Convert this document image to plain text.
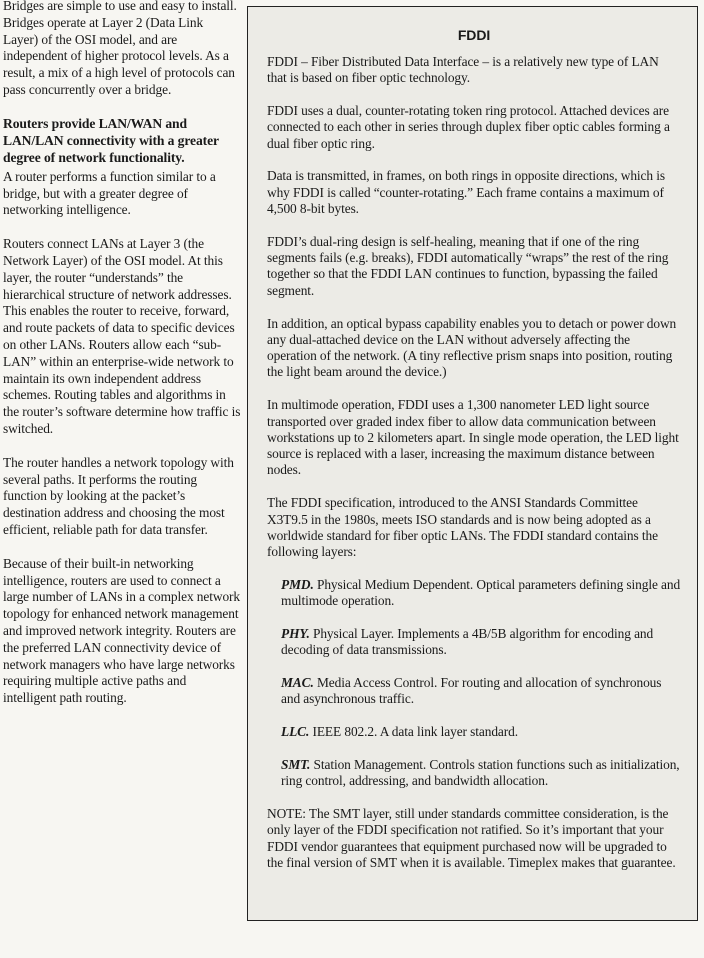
Bridges are simple to use and easy to install. Bridges operate at Layer 2 (Data Link Layer) of the OSI model, and are independent of higher protocol levels. As a result, a mix of a high level of protocols can pass concurrently over a bridge.

Routers provide LAN/WAN and LAN/LAN connectivity with a greater degree of network functionality.

A router performs a function similar to a bridge, but with a greater degree of networking intelligence.

Routers connect LANs at Layer 3 (the Network Layer) of the OSI model. At this layer, the router “understands” the hierarchical structure of network addresses. This enables the router to receive, forward, and route packets of data to specific devices on other LANs. Routers allow each “sub-LAN” within an enterprise-wide network to maintain its own independent address schemes. Routing tables and algorithms in the router’s software determine how traffic is switched.

The router handles a network topology with several paths. It performs the routing function by looking at the packet’s destination address and choosing the most efficient, reliable path for data transfer.

Because of their built-in networking intelligence, routers are used to connect a large number of LANs in a complex network topology for enhanced network management and improved network integrity. Routers are the preferred LAN connectivity device of network managers who have large networks requiring multiple active paths and intelligent path routing.

FDDI

FDDI – Fiber Distributed Data Interface – is a relatively new type of LAN that is based on fiber optic technology.

FDDI uses a dual, counter-rotating token ring protocol. Attached devices are connected to each other in series through duplex fiber optic cables forming a dual fiber optic ring.

Data is transmitted, in frames, on both rings in opposite directions, which is why FDDI is called “counter-rotating.” Each frame contains a maximum of 4,500 8-bit bytes.

FDDI’s dual-ring design is self-healing, meaning that if one of the ring segments fails (e.g. breaks), FDDI automatically “wraps” the rest of the ring together so that the FDDI LAN continues to function, bypassing the failed segment.

In addition, an optical bypass capability enables you to detach or power down any dual-attached device on the LAN without adversely affecting the operation of the network. (A tiny reflective prism snaps into position, routing the light beam around the device.)

In multimode operation, FDDI uses a 1,300 nanometer LED light source transported over graded index fiber to allow data communication between workstations up to 2 kilometers apart. In single mode operation, the LED light source is replaced with a laser, increasing the maximum distance between nodes.

The FDDI specification, introduced to the ANSI Standards Committee X3T9.5 in the 1980s, meets ISO standards and is now being adopted as a worldwide standard for fiber optic LANs. The FDDI standard contains the following layers:

PMD. Physical Medium Dependent. Optical parameters defining single and multimode operation.

PHY. Physical Layer. Implements a 4B/5B algorithm for encoding and decoding of data transmissions.

MAC. Media Access Control. For routing and allocation of synchronous and asynchronous traffic.

LLC. IEEE 802.2. A data link layer standard.

SMT. Station Management. Controls station functions such as initialization, ring control, addressing, and bandwidth allocation.

NOTE: The SMT layer, still under standards committee consideration, is the only layer of the FDDI specification not ratified. So it’s important that your FDDI vendor guarantees that equipment purchased now will be upgraded to the final version of SMT when it is available. Timeplex makes that guarantee.
